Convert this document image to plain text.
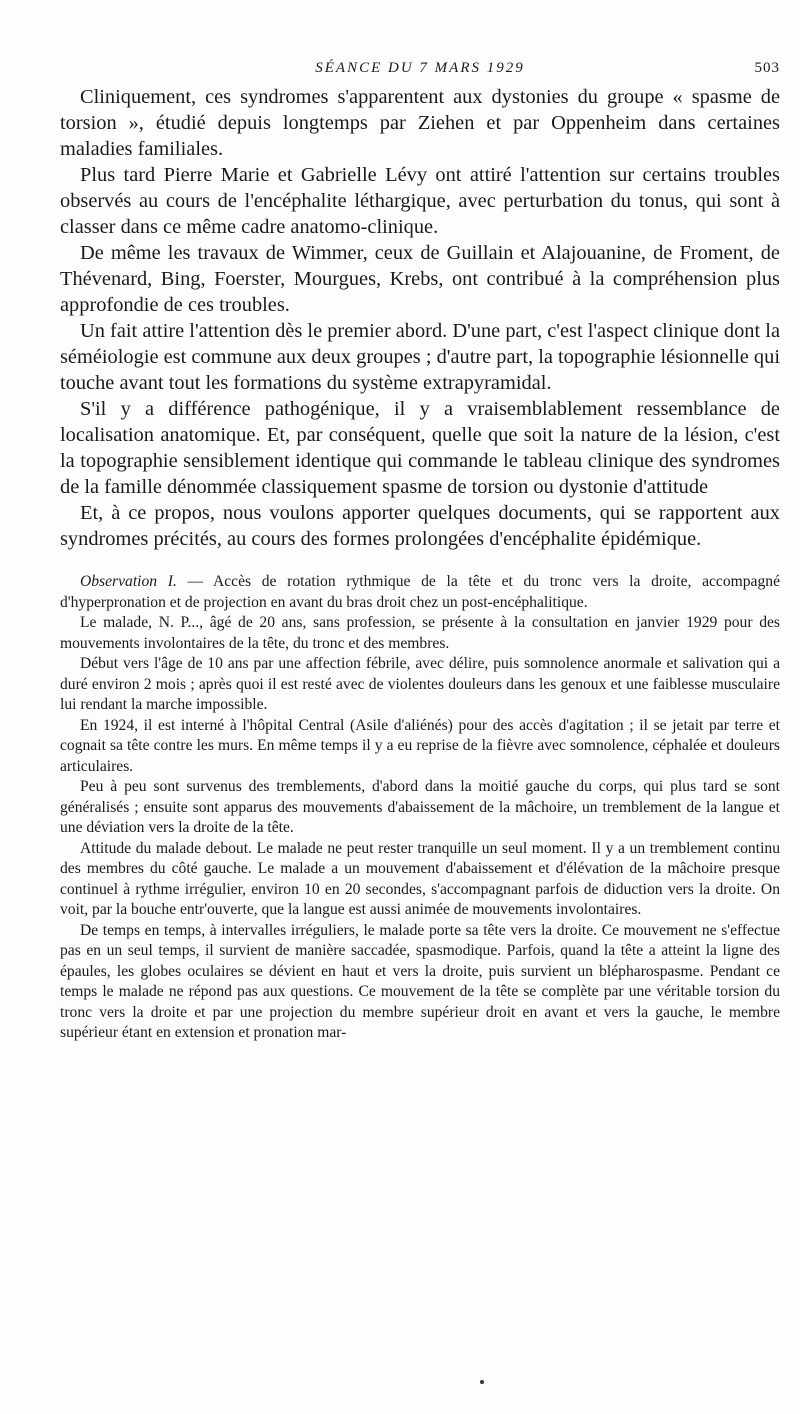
SÉANCE DU 7 MARS 1929	503

Cliniquement, ces syndromes s'apparentent aux dystonies du groupe « spasme de torsion », étudié depuis longtemps par Ziehen et par Oppenheim dans certaines maladies familiales.

Plus tard Pierre Marie et Gabrielle Lévy ont attiré l'attention sur certains troubles observés au cours de l'encéphalite léthargique, avec perturbation du tonus, qui sont à classer dans ce même cadre anatomo-clinique.

De même les travaux de Wimmer, ceux de Guillain et Alajouanine, de Froment, de Thévenard, Bing, Foerster, Mourgues, Krebs, ont contribué à la compréhension plus approfondie de ces troubles.

Un fait attire l'attention dès le premier abord. D'une part, c'est l'aspect clinique dont la séméiologie est commune aux deux groupes ; d'autre part, la topographie lésionnelle qui touche avant tout les formations du système extrapyramidal.

S'il y a différence pathogénique, il y a vraisemblablement ressemblance de localisation anatomique. Et, par conséquent, quelle que soit la nature de la lésion, c'est la topographie sensiblement identique qui commande le tableau clinique des syndromes de la famille dénommée classiquement spasme de torsion ou dystonie d'attitude

Et, à ce propos, nous voulons apporter quelques documents, qui se rapportent aux syndromes précités, au cours des formes prolongées d'encéphalite épidémique.

Observation I. — Accès de rotation rythmique de la tête et du tronc vers la droite, accompagné d'hyperpronation et de projection en avant du bras droit chez un post-encéphalitique.

Le malade, N. P..., âgé de 20 ans, sans profession, se présente à la consultation en janvier 1929 pour des mouvements involontaires de la tête, du tronc et des membres.

Début vers l'âge de 10 ans par une affection fébrile, avec délire, puis somnolence anormale et salivation qui a duré environ 2 mois ; après quoi il est resté avec de violentes douleurs dans les genoux et une faiblesse musculaire lui rendant la marche impossible.

En 1924, il est interné à l'hôpital Central (Asile d'aliénés) pour des accès d'agitation ; il se jetait par terre et cognait sa tête contre les murs. En même temps il y a eu reprise de la fièvre avec somnolence, céphalée et douleurs articulaires.

Peu à peu sont survenus des tremblements, d'abord dans la moitié gauche du corps, qui plus tard se sont généralisés ; ensuite sont apparus des mouvements d'abaissement de la mâchoire, un tremblement de la langue et une déviation vers la droite de la tête.

Attitude du malade debout. Le malade ne peut rester tranquille un seul moment. Il y a un tremblement continu des membres du côté gauche. Le malade a un mouvement d'abaissement et d'élévation de la mâchoire presque continuel à rythme irrégulier, environ 10 en 20 secondes, s'accompagnant parfois de diduction vers la droite. On voit, par la bouche entr'ouverte, que la langue est aussi animée de mouvements involontaires.

De temps en temps, à intervalles irréguliers, le malade porte sa tête vers la droite. Ce mouvement ne s'effectue pas en un seul temps, il survient de manière saccadée, spasmodique. Parfois, quand la tête a atteint la ligne des épaules, les globes oculaires se dévient en haut et vers la droite, puis survient un blépharospasme. Pendant ce temps le malade ne répond pas aux questions. Ce mouvement de la tête se complète par une véritable torsion du tronc vers la droite et par une projection du membre supérieur droit en avant et vers la gauche, le membre supérieur étant en extension et pronation mar-
